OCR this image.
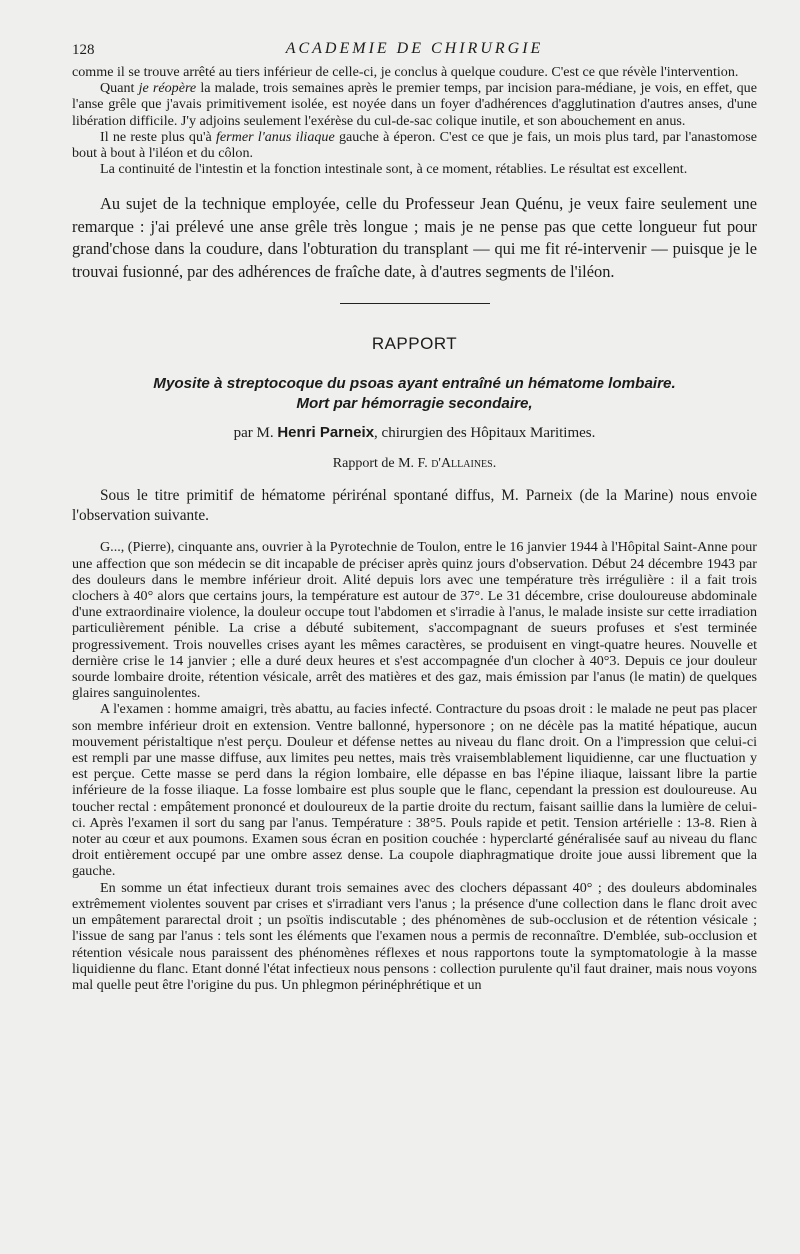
128	ACADEMIE DE CHIRURGIE

comme il se trouve arrêté au tiers inférieur de celle-ci, je conclus à quelque coudure. C'est ce que révèle l'intervention.

Quant je réopère la malade, trois semaines après le premier temps, par incision para-médiane, je vois, en effet, que l'anse grêle que j'avais primitivement isolée, est noyée dans un foyer d'adhérences d'agglutination d'autres anses, d'une libération difficile. J'y adjoins seulement l'exérèse du cul-de-sac colique inutile, et son abouchement en anus.

Il ne reste plus qu'à fermer l'anus iliaque gauche à éperon. C'est ce que je fais, un mois plus tard, par l'anastomose bout à bout à l'iléon et du côlon.

La continuité de l'intestin et la fonction intestinale sont, à ce moment, rétablies. Le résultat est excellent.

Au sujet de la technique employée, celle du Professeur Jean Quénu, je veux faire seulement une remarque : j'ai prélevé une anse grêle très longue ; mais je ne pense pas que cette longueur fut pour grand'chose dans la coudure, dans l'obturation du transplant — qui me fit ré-intervenir — puisque je le trouvai fusionné, par des adhérences de fraîche date, à d'autres segments de l'iléon.

RAPPORT
Myosite à streptocoque du psoas ayant entraîné un hématome lombaire.
Mort par hémorragie secondaire,
par M. Henri Parneix, chirurgien des Hôpitaux Maritimes.
Rapport de M. F. d'Allaines.

Sous le titre primitif de hématome périrénal spontané diffus, M. Parneix (de la Marine) nous envoie l'observation suivante.

G..., (Pierre), cinquante ans, ouvrier à la Pyrotechnie de Toulon, entre le 16 janvier 1944 à l'Hôpital Saint-Anne pour une affection que son médecin se dit incapable de préciser après quinz jours d'observation. Début 24 décembre 1943 par des douleurs dans le membre inférieur droit. Alité depuis lors avec une température très irrégulière : il a fait trois clochers à 40° alors que certains jours, la température est autour de 37°. Le 31 décembre, crise douloureuse abdominale d'une extraordinaire violence, la douleur occupe tout l'abdomen et s'irradie à l'anus, le malade insiste sur cette irradiation particulièrement pénible. La crise a débuté subitement, s'accompagnant de sueurs profuses et s'est terminée progressivement. Trois nouvelles crises ayant les mêmes caractères, se produisent en vingt-quatre heures. Nouvelle et dernière crise le 14 janvier ; elle a duré deux heures et s'est accompagnée d'un clocher à 40°3. Depuis ce jour douleur sourde lombaire droite, rétention vésicale, arrêt des matières et des gaz, mais émission par l'anus (le matin) de quelques glaires sanguinolentes.

A l'examen : homme amaigri, très abattu, au facies infecté. Contracture du psoas droit : le malade ne peut pas placer son membre inférieur droit en extension. Ventre ballonné, hypersonore ; on ne décèle pas la matité hépatique, aucun mouvement péristaltique n'est perçu. Douleur et défense nettes au niveau du flanc droit. On a l'impression que celui-ci est rempli par une masse diffuse, aux limites peu nettes, mais très vraisemblablement liquidienne, car une fluctuation y est perçue. Cette masse se perd dans la région lombaire, elle dépasse en bas l'épine iliaque, laissant libre la partie inférieure de la fosse iliaque. La fosse lombaire est plus souple que le flanc, cependant la pression est douloureuse. Au toucher rectal : empâtement prononcé et douloureux de la partie droite du rectum, faisant saillie dans la lumière de celui-ci. Après l'examen il sort du sang par l'anus. Température : 38°5. Pouls rapide et petit. Tension artérielle : 13-8. Rien à noter au cœur et aux poumons. Examen sous écran en position couchée : hyperclarté généralisée sauf au niveau du flanc droit entièrement occupé par une ombre assez dense. La coupole diaphragmatique droite joue aussi librement que la gauche.

En somme un état infectieux durant trois semaines avec des clochers dépassant 40° ; des douleurs abdominales extrêmement violentes souvent par crises et s'irradiant vers l'anus ; la présence d'une collection dans le flanc droit avec un empâtement pararectal droit ; un psoïtis indiscutable ; des phénomènes de sub-occlusion et de rétention vésicale ; l'issue de sang par l'anus : tels sont les éléments que l'examen nous a permis de reconnaître. D'emblée, sub-occlusion et rétention vésicale nous paraissent des phénomènes réflexes et nous rapportons toute la symptomatologie à la masse liquidienne du flanc. Etant donné l'état infectieux nous pensons : collection purulente qu'il faut drainer, mais nous voyons mal quelle peut être l'origine du pus. Un phlegmon périnéphrétique et un
